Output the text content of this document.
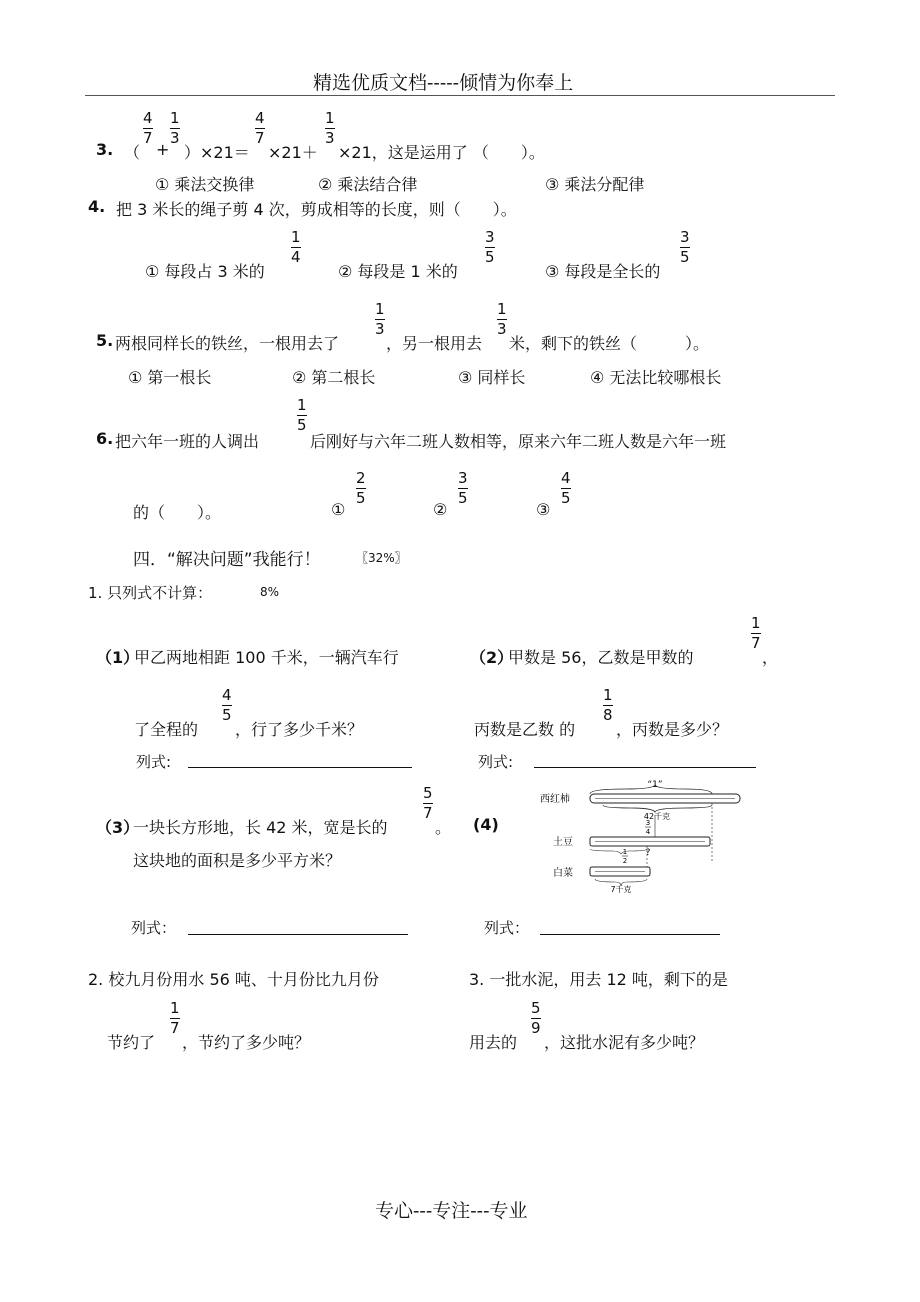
精选优质文档-----倾情为你奉上
3. （
4
7
+
1
3
）×21＝
4
7
×21＋
1
3
×21，这是运用了 （　　）。
① 乘法交换律	② 乘法结合律	③ 乘法分配律
4. 把 3 米长的绳子剪 4 次，剪成相等的长度，则（　　）。
① 每段占 3 米的
1
4
② 每段是 1 米的
3
5
③ 每段是全长的
3
5
5. 两根同样长的铁丝，一根用去了
1
3
，另一根用去
1
3
米，剩下的铁丝（　　　）。
① 第一根长	② 第二根长	③ 同样长	④ 无法比较哪根长
6. 把六年一班的人调出
1
5
后刚好与六年二班人数相等，原来六年二班人数是六年一班
的（　　）。	①
2
5
②
3
5
③
4
5
四．“解决问题”我能行！	〖32%〗
1. 只列式不计算：	8%
（1）
甲乙两地相距 100 千米，一辆汽车行
了全程的
4
5
，行了多少千米？
列式:
（2）
甲数是 56，乙数是甲数的
1
7
，
丙数是乙数 的
1
8
，丙数是多少？
列式:
（3）
一块长方形地，长 42 米，宽是长的
5
7
。
这块地的面积是多少平方米？
列式：
(4)
“1”
西红柿
42千克
3
4
土豆
?
1
2
白菜
7千克
列式：
2. 校九月份用水 56 吨、十月份比九月份
节约了
1
7
，节约了多少吨？
3. 一批水泥，用去 12 吨，剩下的是
用去的
5
9
，这批水泥有多少吨？
专心---专注---专业
